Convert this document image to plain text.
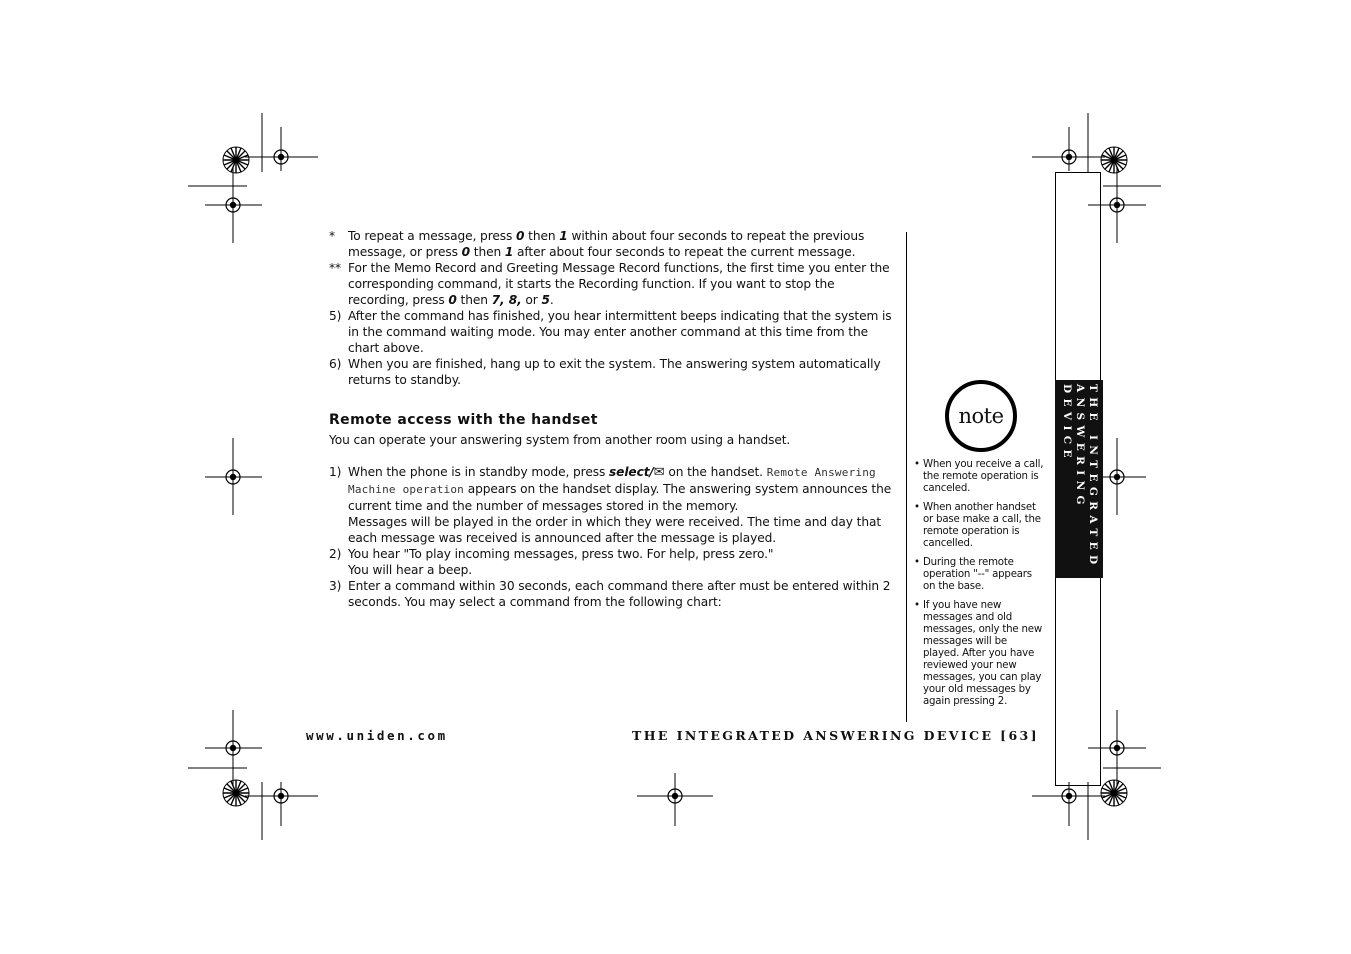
* To repeat a message, press 0 then 1 within about four seconds to repeat the previous message, or press 0 then 1 after about four seconds to repeat the current message.

** For the Memo Record and Greeting Message Record functions, the first time you enter the corresponding command, it starts the Recording function. If you want to stop the recording, press 0 then 7, 8, or 5.

5) After the command has finished, you hear intermittent beeps indicating that the system is in the command waiting mode. You may enter another command at this time from the chart above.

6) When you are finished, hang up to exit the system. The answering system automatically returns to standby.

Remote access with the handset

You can operate your answering system from another room using a handset.

1) When the phone is in standby mode, press select/✉ on the handset. Remote Answering Machine operation appears on the handset display. The answering system announces the current time and the number of messages stored in the memory.

Messages will be played in the order in which they were received. The time and day that each message was received is announced after the message is played.

2) You hear "To play incoming messages, press two. For help, press zero."

You will hear a beep.

3) Enter a command within 30 seconds, each command there after must be entered within 2 seconds. You may select a command from the following chart:

note
• When you receive a call, the remote operation is canceled.
• When another handset or base make a call, the remote operation is cancelled.
• During the remote operation "--" appears on the base.
• If you have new messages and old messages, only the new messages will be played. After you have reviewed your new messages, you can play your old messages by again pressing 2.
THE INTEGRATED
ANSWERING DEVICE
www.uniden.com	THE INTEGRATED ANSWERING DEVICE [63]
